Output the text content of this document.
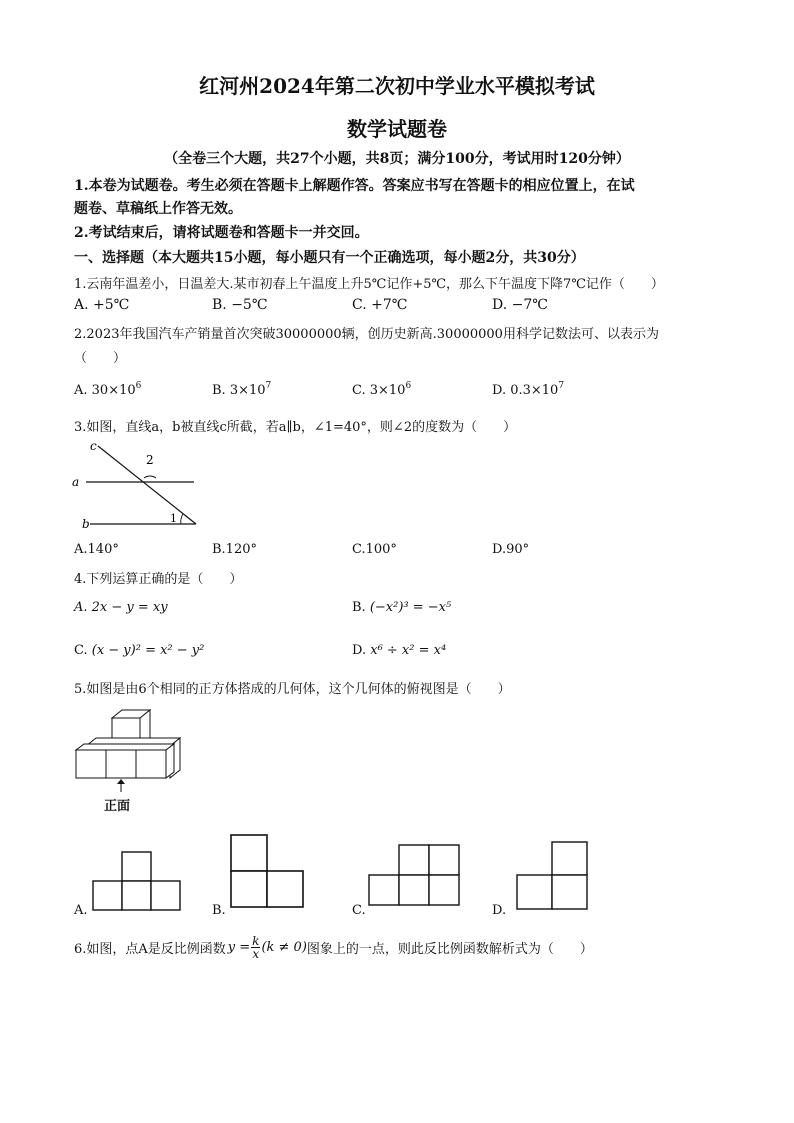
红河州2024年第二次初中学业水平模拟考试
数学试题卷
（全卷三个大题，共27个小题，共8页；满分100分，考试用时120分钟）
1.本卷为试题卷。考生必须在答题卡上解题作答。答案应书写在答题卡的相应位置上，在试
题卷、草稿纸上作答无效。
2.考试结束后，请将试题卷和答题卡一并交回。
一、选择题（本大题共15小题，每小题只有一个正确选项，每小题2分，共30分）
1.云南年温差小，日温差大.某市初春上午温度上升5℃记作+5℃，那么下午温度下降7℃记作（　　）
A. +5℃	B. −5℃	C. +7℃	D. −7℃
2.2023年我国汽车产销量首次突破30000000辆，创历史新高.30000000用科学记数法可、以表示为
（　　）
A. $30\times 10^6$	B. $3\times 10^7$	C. $3\times 10^6$	D. $0.3\times 10^7$
3.如图，直线a，b被直线c所截，若a∥b，∠1=40°，则∠2的度数为（　　）
c
a
b
2
1
A.140°	B.120°	C.100°	D.90°
4.下列运算正确的是（　　）
A. 2x − y = xy	B. (−x²)³ = −x⁵
C. (x − y)² = x² − y²	D. x⁶ ÷ x² = x⁴
5.如图是由6个相同的正方体搭成的几何体，这个几何体的俯视图是（　　）
正面
A.	B.	C.	D.
6.如图，点A是反比例函数 $y = \frac{k}{x} (k \ne 0)$ 图象上的一点，则此反比例函数解析式为（　　）
